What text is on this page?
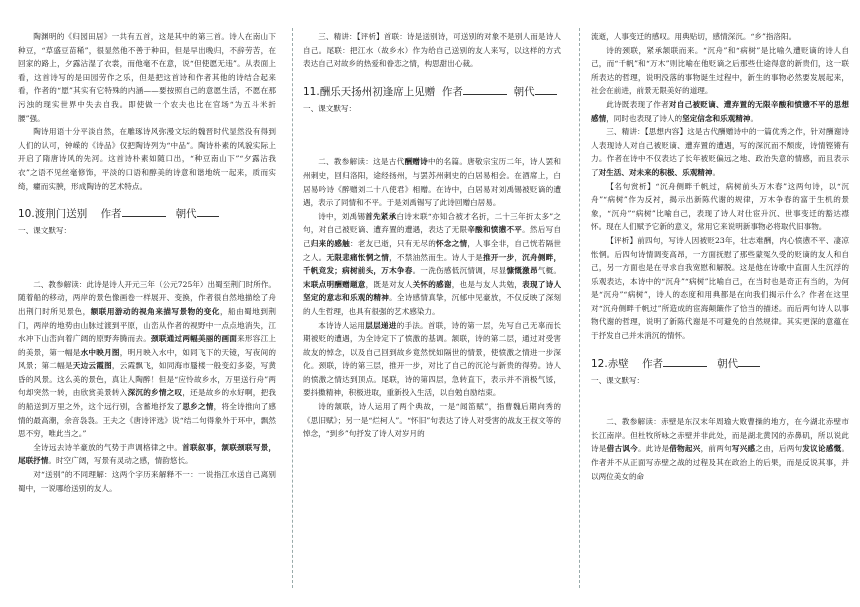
陶渊明的《归园田居》一共有五首，这是其中的第三首。诗人在南山下种豆，“草盛豆苗稀”，很显然他不善于种田，但是早出晚归，不辞劳苦，在回家的路上，夕露沾湿了衣裳，而他毫不在意，说“但使愿无违”。从表面上看，这首诗写的是田园劳作之乐，但是把这首诗和作者其他的诗结合起来看，作者的“愿”其实有它特殊的内涵——要按照自己的意愿生活，不愿在那污浊的现实世界中失去自我。即使做一个农夫也比在官场“为五斗米折腰”强。

陶诗用语十分平淡自然，在雕琢诗风弥漫文坛的魏晋时代显然没有得到人们的认可，钟嵘的《诗品》仅把陶诗列为“中品”。陶诗朴素的风貌实际上开启了隋唐诗风的先河。这首诗朴素如随口出，“种豆南山下”“夕露沾我衣”之语不见丝毫修饰，平淡的口语和醇美的诗意和谐地统一起来，质而实绮，癯而实腴，形成陶诗的艺术特点。

10.渡荆门送别 作者	朝代

一、课文默写：

二、教参解读：此诗是诗人开元三年（公元725年）出蜀至荆门时所作。随着船的移动，两岸的景色像画卷一样展开、变换，作者很自然地描绘了舟出荆门时所见景色，额联用游动的视角来描写景物的变化，船由蜀地到荆门，两岸的地势由山脉过渡到平原，山峦从作者的视野中一点点地消失，江水冲下山峦向着广阔的原野奔腾而去。颈联通过两幅美丽的画面来形容江上的美景，第一幅是水中映月图，明月映入水中，如同飞下的天镜，写夜间的风景；第二幅是天边云霞图，云霞飘飞，如同海市蜃楼一般变幻多姿，写黄昏的风景。这么美的景色，真让人陶醉！但是“应怜故乡水，万里送行舟”两句却突然一转，由欣赏美景转入深沉的乡情之叹，还是故乡的水好啊，把我的船送到万里之外，这个远行别，含蓄地抒发了思乡之情，将全诗推向了感情的最高潮，余音袅袅。王夫之《唐诗评选》说“结二句得象外于环中，飘然思不穷，唯此当之。”

全诗远去诗羊豪放的气势于声调格律之中。首联叙事，颔联颈联写景，尾联抒情。时空广阔，写景有灵动之感，情韵悠长。

对“送别”的不同理解：这两个字历来解释不一：一说指江水送自己离别蜀中，一说哪给送别的友人。

三、精讲：【评析】首联：诗是送别诗，可送别的对象不是别人而是诗人自己。尾联：把江水（故乡水）作为给自己送别的友人来写，以这样的方式表达自己对故乡的热爱和眷恋之情，构思甜出心裁。

11.酬乐天扬州初逢席上见赠 作者	朝代

一、课文默写：

二、教参解读：这是古代酬赠诗中的名篇。唐敬宗宝历二年，诗人罢和州刺史，回归洛阳，途经扬州，与罢苏州刺史的白居易相会。在酒席上，白居易吟诗《醉赠刘二十八使君》相赠。在诗中，白居易对刘禹锡被贬谪的遭遇，表示了同情和不平。于是刘禹锡写了此诗回赠白居易。

诗中，刘禹锡首先紧承白诗末联“亦知合被才名折，二十三年折太多”之句，对自己被贬谪、遭弃置的遭遇，表达了无限辛酸和愤懑不平。然后写自己归来的感触：老友已逝，只有无尽的怀念之情，人事全非，自己恍若隔世之人。无限悲痛怅惘之情，不禁油然而生。诗人于是推开一步，沉舟侧畔，千帆竞发；病树前头，万木争春。一洗伤感低沉情调，尽显慷慨激昂气概。末联点明酬赠题意，既是对友人关怀的感谢，也是与友人共勉，表现了诗人坚定的意志和乐观的精神。全诗感情真挚，沉郁中见豪放，不仅反映了深刻的人生哲理，也具有很强的艺术感染力。

本诗诗人运用层层递进的手法。首联，诗的第一层，先写自己无辜而长期被贬的遭遇，为全诗定下了愤激的基调。颔联，诗的第二层，通过对受害故友的悼念，以及自己回到故乡竟然恍如隔世的情景，使愤激之情进一步深化。颈联，诗的第三层，推开一步，对比了自己的沉沦与新贵的得势。诗人的愤激之情达到顶点。尾联，诗的第四层，急转直下，表示并不消极气馁，要抖擞精神，积极进取，重新投入生活，以自勉自励结束。

诗的颔联，诗人运用了两个典故，一是“闻笛赋”，指曹魏后期向秀的《思旧赋》；另一是“烂柯人”。“怀旧”句表达了诗人对受害的战友王叔文等的悼念，“到乡”句抒发了诗人对岁月的

流逝，人事变迁的感叹。用典贴切，感情深沉。“乡”指洛阳。

诗的颈联，紧承颔联而来。“沉舟”和“病树”是比喻久遭贬谪的诗人自己，而“千帆”和“万木”则比喻在他贬谪之后那些仕途得意的新贵们，这一联所表达的哲理，说明没落的事物诞生过程中，新生的事物必然要发展起来，社会在前进，前景无限美好的道理。

此诗既表现了作者对自己被贬谪、遭弃置的无限辛酸和愤懑不平的思想感情，同时也表现了诗人的坚定信念和乐观精神。

三、精讲：【思想内容】这是古代酬赠诗中的一篇优秀之作，针对酬谢诗人表现诗人对自己被贬谪、遭弃置的遭遇，写的深沉而不颓废，诗情铿锵有力。作者在诗中不仅表达了长年被贬偏远之地、政治失意的情感，而且表示了对生活、对未来的积极、乐观精神。

【名句赏析】“沉舟侧畔千帆过，病树前头万木春”这两句诗，以“沉舟”“病树”作为反衬，揭示出新陈代谢的规律，万木争春的富于生机的景象，“沉舟”“病树”比喻自己，表现了诗人对仕宦升沉、世事变迁的豁达襟怀。现在人们赋予它新的意义，常用它来说明新事物必将取代旧事物。

【评析】前四句，写诗人因被贬23年，壮志难酬，内心愤懑不平、凄凉怅惘。后四句诗情调变高昂，一方面抚慰了那些蒙冤久受的贬谪的友人和自己，另一方面也是在寻求自我宽慰和解脱。这是他在诗歌中直面人生沉浮的乐观表达，本诗中的“沉舟”“病树”比喻自己，在当时也是奇正有当的，为何是“沉舟”“病树”，诗人的态度和用典都是在向我们揭示什么？作者在这里对“沉舟侧畔千帆过”所造成的宦海颠簸作了恰当的描述。而后两句诗人以事物代谢的哲理，说明了新陈代谢是不可避免的自然规律。其实更深的意蕴在于抒发自己并未消沉的情怀。

12.赤壁 作者	朝代

一、课文默写：

二、教参解读：赤壁是东汉末年周瑜大败曹操的地方，在今湖北赤壁市长江南岸。但杜牧所咏之赤壁并非此处，而是湖北黄冈的赤鼻矶，所以说此诗是借古讽今。此诗是借物起兴，前两句写兴感之由，后两句发议论感慨。作者并不从正面写赤壁之战的过程及其在政治上的后果，而是反说其事，并以两位美女的命
